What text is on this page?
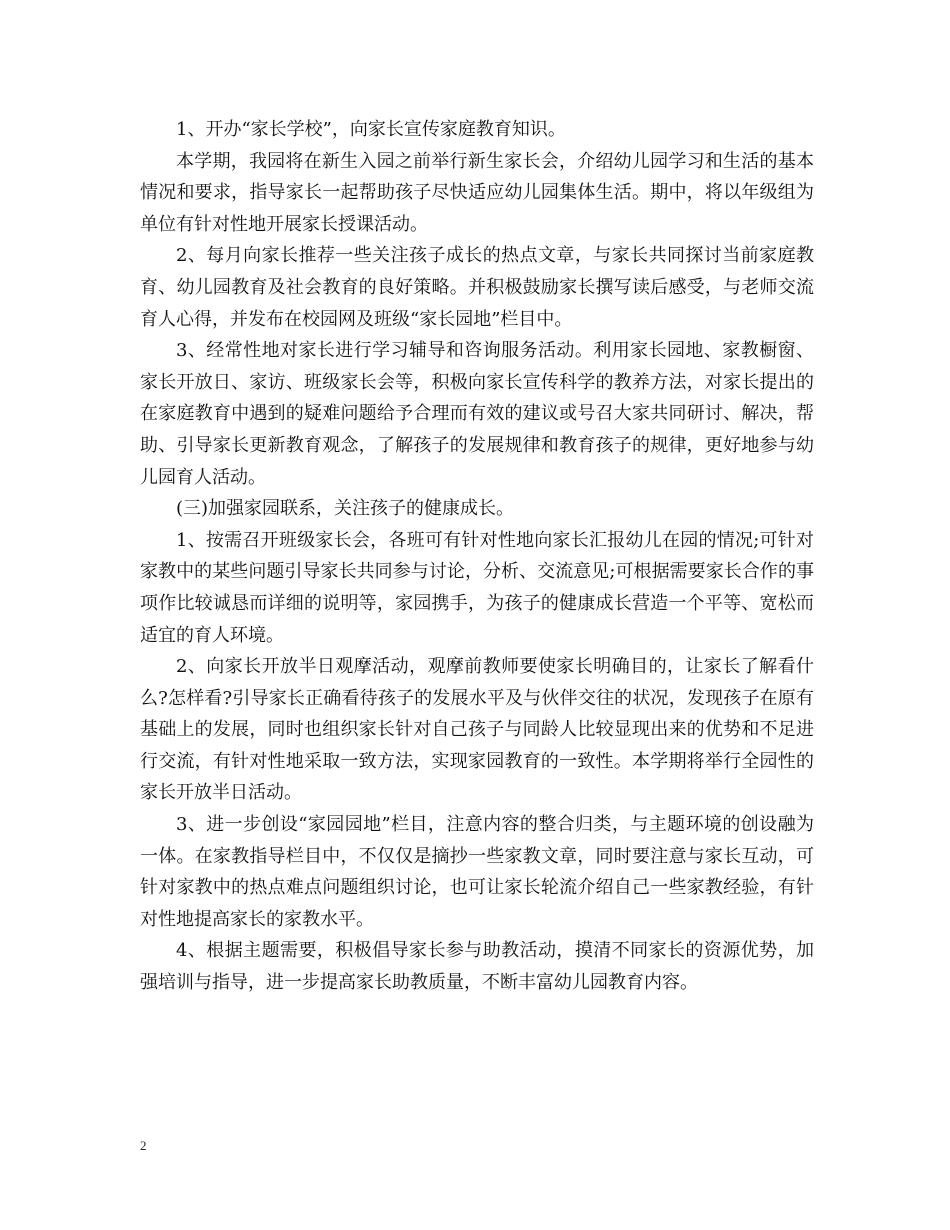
1、开办“家长学校”，向家长宣传家庭教育知识。

本学期，我园将在新生入园之前举行新生家长会，介绍幼儿园学习和生活的基本情况和要求，指导家长一起帮助孩子尽快适应幼儿园集体生活。期中，将以年级组为单位有针对性地开展家长授课活动。

2、每月向家长推荐一些关注孩子成长的热点文章，与家长共同探讨当前家庭教育、幼儿园教育及社会教育的良好策略。并积极鼓励家长撰写读后感受，与老师交流育人心得，并发布在校园网及班级“家长园地”栏目中。

3、经常性地对家长进行学习辅导和咨询服务活动。利用家长园地、家教橱窗、家长开放日、家访、班级家长会等，积极向家长宣传科学的教养方法，对家长提出的在家庭教育中遇到的疑难问题给予合理而有效的建议或号召大家共同研讨、解决，帮助、引导家长更新教育观念，了解孩子的发展规律和教育孩子的规律，更好地参与幼儿园育人活动。

(三)加强家园联系，关注孩子的健康成长。

1、按需召开班级家长会，各班可有针对性地向家长汇报幼儿在园的情况;可针对家教中的某些问题引导家长共同参与讨论，分析、交流意见;可根据需要家长合作的事项作比较诚恳而详细的说明等，家园携手，为孩子的健康成长营造一个平等、宽松而适宜的育人环境。

2、向家长开放半日观摩活动，观摩前教师要使家长明确目的，让家长了解看什么?怎样看?引导家长正确看待孩子的发展水平及与伙伴交往的状况，发现孩子在原有基础上的发展，同时也组织家长针对自己孩子与同龄人比较显现出来的优势和不足进行交流，有针对性地采取一致方法，实现家园教育的一致性。本学期将举行全园性的家长开放半日活动。

3、进一步创设“家园园地”栏目，注意内容的整合归类，与主题环境的创设融为一体。在家教指导栏目中，不仅仅是摘抄一些家教文章，同时要注意与家长互动，可针对家教中的热点难点问题组织讨论，也可让家长轮流介绍自己一些家教经验，有针对性地提高家长的家教水平。

4、根据主题需要，积极倡导家长参与助教活动，摸清不同家长的资源优势，加强培训与指导，进一步提高家长助教质量，不断丰富幼儿园教育内容。

2
